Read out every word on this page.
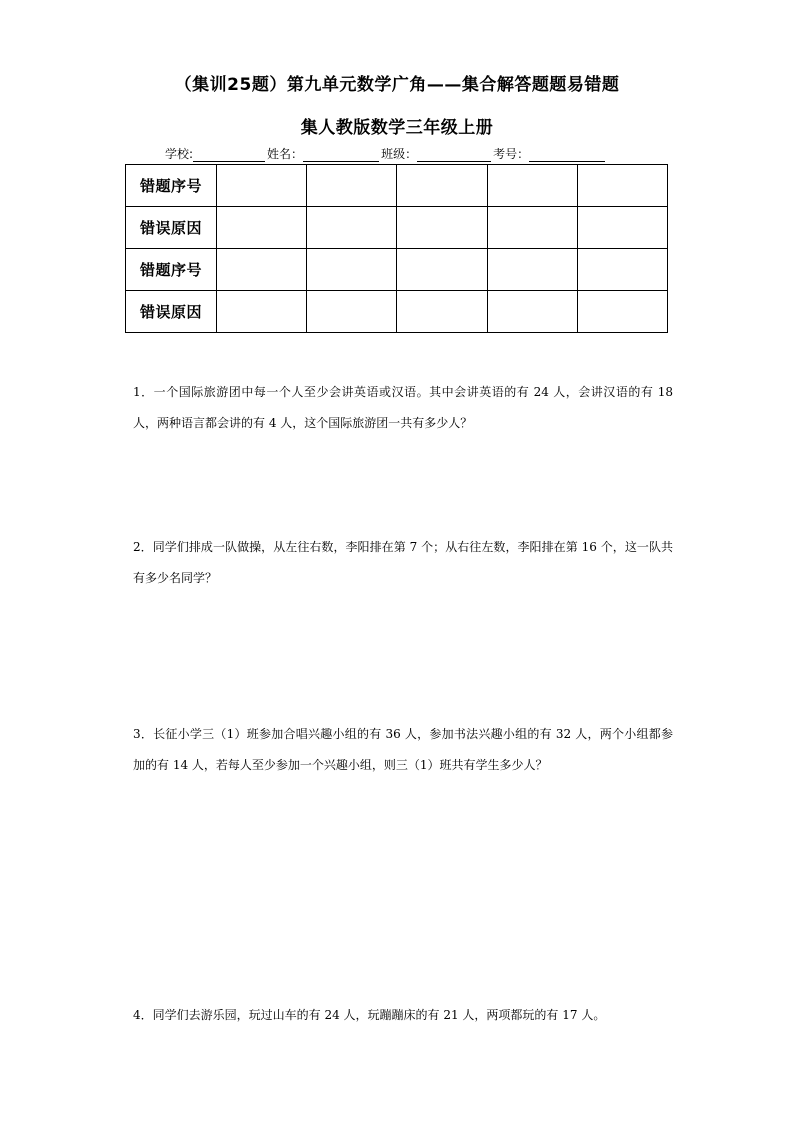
（集训25题）第九单元数学广角——集合解答题题易错题
集人教版数学三年级上册
学校:	姓名：	班级：	考号：
错题序号					
错误原因					
错题序号					
错误原因					

1．一个国际旅游团中每一个人至少会讲英语或汉语。其中会讲英语的有 24 人，会讲汉语的有 18 人，两种语言都会讲的有 4 人，这个国际旅游团一共有多少人？

2．同学们排成一队做操，从左往右数，李阳排在第 7 个；从右往左数，李阳排在第 16 个，这一队共有多少名同学？

3．长征小学三（1）班参加合唱兴趣小组的有 36 人，参加书法兴趣小组的有 32 人，两个小组都参加的有 14 人，若每人至少参加一个兴趣小组，则三（1）班共有学生多少人？

4．同学们去游乐园，玩过山车的有 24 人，玩蹦蹦床的有 21 人，两项都玩的有 17 人。
